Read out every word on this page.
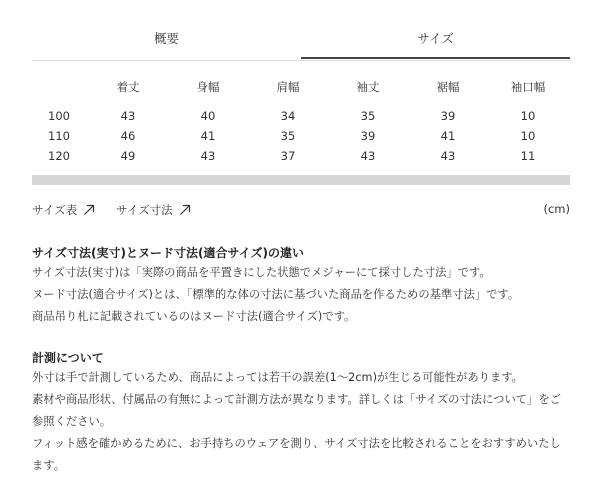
概要	サイズ
	着丈	身幅	肩幅	袖丈	裾幅	袖口幅
100	43	40	34	35	39	10
110	46	41	35	39	41	10
120	49	43	37	43	43	11
サイズ表	サイズ寸法	(cm)
サイズ寸法(実寸)とヌード寸法(適合サイズ)の違い
サイズ寸法(実寸)は「実際の商品を平置きにした状態でメジャーにて採寸した寸法」です。
ヌード寸法(適合サイズ)とは、「標準的な体の寸法に基づいた商品を作るための基準寸法」です。
商品吊り札に記載されているのはヌード寸法(適合サイズ)です。
計測について
外寸は手で計測しているため、商品によっては若干の誤差(1〜2cm)が生じる可能性があります。
素材や商品形状、付属品の有無によって計測方法が異なります。詳しくは「サイズの寸法について」をご
参照ください。
フィット感を確かめるために、お手持ちのウェアを測り、サイズ寸法を比較されることをおすすめいたし
ます。
